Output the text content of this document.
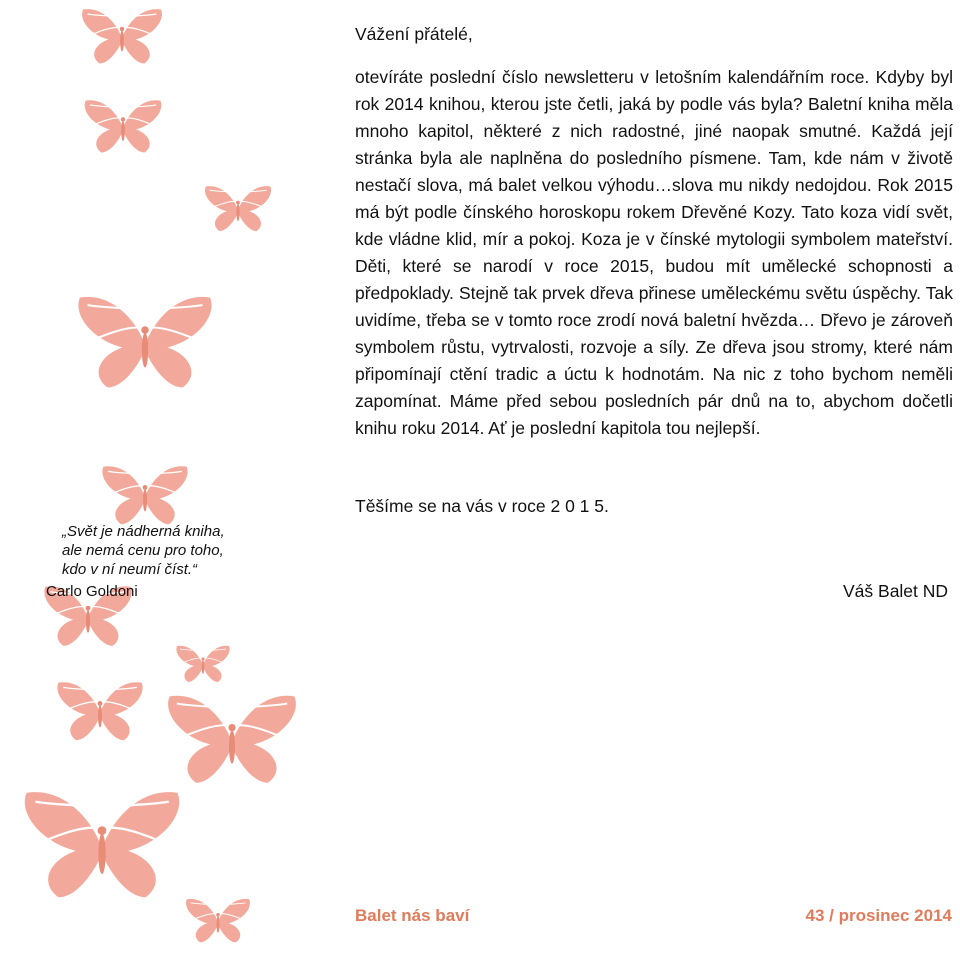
Vážení přátelé,

otevíráte poslední číslo newsletteru v letošním kalendářním roce. Kdyby byl rok 2014 knihou, kterou jste četli, jaká by podle vás byla? Baletní kniha měla mnoho kapitol, některé z nich radostné, jiné naopak smutné. Každá její stránka byla ale naplněna do posledního písmene. Tam, kde nám v životě nestačí slova, má balet velkou výhodu…slova mu nikdy nedojdou. Rok 2015 má být podle čínského horoskopu rokem Dřevěné Kozy. Tato koza vidí svět, kde vládne klid, mír a pokoj. Koza je v čínské mytologii symbolem mateřství. Děti, které se narodí v roce 2015, budou mít umělecké schopnosti a předpoklady. Stejně tak prvek dřeva přinese uměleckému světu úspěchy. Tak uvidíme, třeba se v tomto roce zrodí nová baletní hvězda… Dřevo je zároveň symbolem růstu, vytrvalosti, rozvoje a síly. Ze dřeva jsou stromy, které nám připomínají ctění tradic a úctu k hodnotám. Na nic z toho bychom neměli zapomínat. Máme před sebou posledních pár dnů na to, abychom dočetli knihu roku 2014. Ať je poslední kapitola tou nejlepší.

Těšíme se na vás v roce 2 0 1 5.

„Svět je nádherná kniha,
ale nemá cenu pro toho,
kdo v ní neumí číst.“

Carlo Goldoni	Váš Balet ND

Balet nás baví	43 / prosinec 2014
